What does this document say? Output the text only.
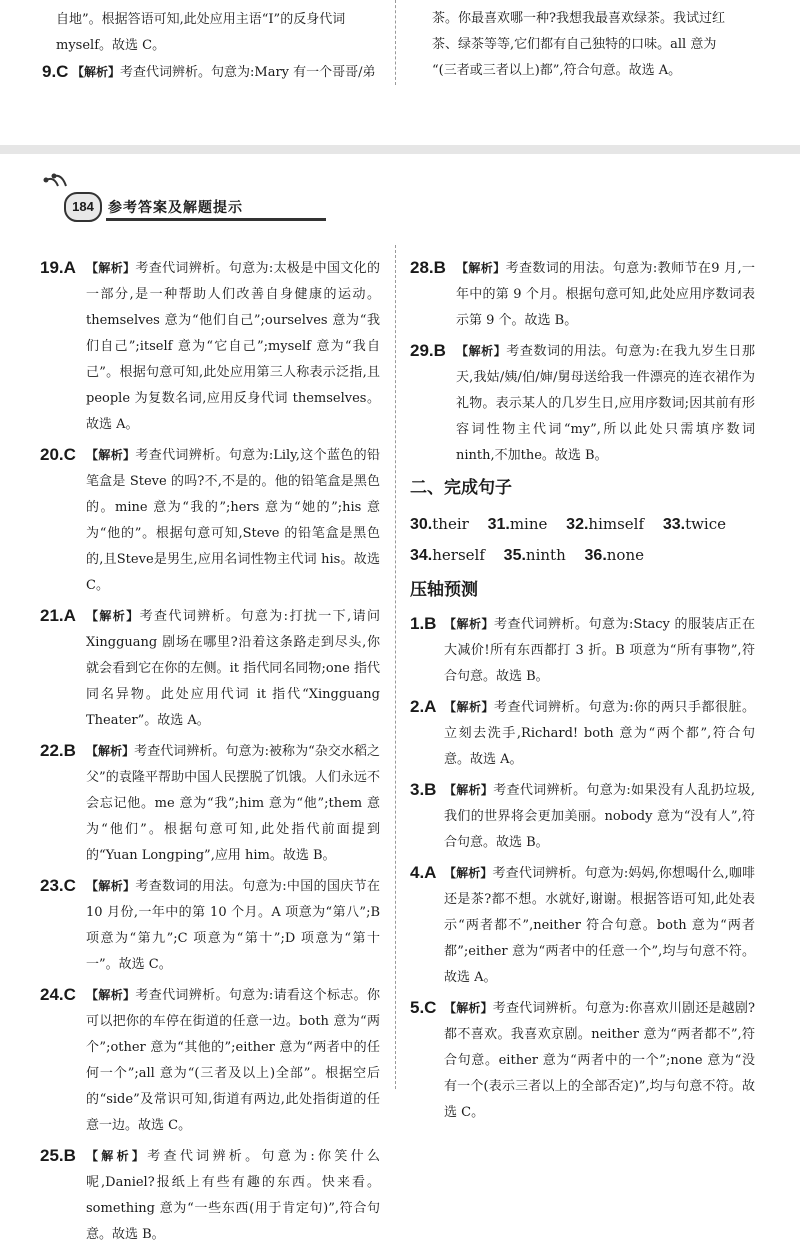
自地”。根据答语可知,此处应用主语“I”的反身代词
myself。故选 C。
9.C 【解析】考查代词辨析。句意为:Mary 有一个哥哥/弟
茶。你最喜欢哪一种?我想我最喜欢绿茶。我试过红
茶、绿茶等等,它们都有自己独特的口味。all 意为
“(三者或三者以上)都”,符合句意。故选 A。
184	参考答案及解题提示
19.A 【解析】考查代词辨析。句意为:太极是中国文化的一部分,是一种帮助人们改善自身健康的运动。themselves 意为“他们自己”;ourselves 意为“我们自己”;itself 意为“它自己”;myself 意为“我自己”。根据句意可知,此处应用第三人称表示泛指,且 people 为复数名词,应用反身代词 themselves。故选 A。
20.C 【解析】考查代词辨析。句意为:Lily,这个蓝色的铅笔盒是 Steve 的吗?不,不是的。他的铅笔盒是黑色的。mine 意为“我的”;hers 意为“她的”;his 意为“他的”。根据句意可知,Steve 的铅笔盒是黑色的,且Steve是男生,应用名词性物主代词 his。故选 C。
21.A 【解析】考查代词辨析。句意为:打扰一下,请问 Xingguang 剧场在哪里?沿着这条路走到尽头,你就会看到它在你的左侧。it 指代同名同物;one 指代同名异物。此处应用代词 it 指代“Xingguang Theater”。故选 A。
22.B 【解析】考查代词辨析。句意为:被称为“杂交水稻之父”的袁隆平帮助中国人民摆脱了饥饿。人们永远不会忘记他。me 意为“我”;him 意为“他”;them 意为“他们”。根据句意可知,此处指代前面提到的“Yuan Longping”,应用 him。故选 B。
23.C 【解析】考查数词的用法。句意为:中国的国庆节在 10 月份,一年中的第 10 个月。A 项意为“第八”;B 项意为“第九”;C 项意为“第十”;D 项意为“第十一”。故选 C。
24.C 【解析】考查代词辨析。句意为:请看这个标志。你可以把你的车停在街道的任意一边。both 意为“两个”;other 意为“其他的”;either 意为“两者中的任何一个”;all 意为“(三者及以上)全部”。根据空后的“side”及常识可知,街道有两边,此处指街道的任意一边。故选 C。
25.B 【解析】考查代词辨析。句意为:你笑什么呢,Daniel?报纸上有些有趣的东西。快来看。something 意为“一些东西(用于肯定句)”,符合句意。故选 B。
28.B 【解析】考查数词的用法。句意为:教师节在9 月,一年中的第 9 个月。根据句意可知,此处应用序数词表示第 9 个。故选 B。
29.B 【解析】考查数词的用法。句意为:在我九岁生日那天,我姑/姨/伯/婶/舅母送给我一件漂亮的连衣裙作为礼物。表示某人的几岁生日,应用序数词;因其前有形容词性物主代词“my”,所以此处只需填序数词 ninth,不加the。故选 B。
二、完成句子
30.their 31.mine 32.himself 33.twice
34.herself 35.ninth 36.none
压轴预测
1.B 【解析】考查代词辨析。句意为:Stacy 的服装店正在大减价!所有东西都打 3 折。B 项意为“所有事物”,符合句意。故选 B。
2.A 【解析】考查代词辨析。句意为:你的两只手都很脏。立刻去洗手,Richard! both 意为“两个都”,符合句意。故选 A。
3.B 【解析】考查代词辨析。句意为:如果没有人乱扔垃圾,我们的世界将会更加美丽。nobody 意为“没有人”,符合句意。故选 B。
4.A 【解析】考查代词辨析。句意为:妈妈,你想喝什么,咖啡还是茶?都不想。水就好,谢谢。根据答语可知,此处表示“两者都不”,neither 符合句意。both 意为“两者都”;either 意为“两者中的任意一个”,均与句意不符。故选 A。
5.C 【解析】考查代词辨析。句意为:你喜欢川剧还是越剧?都不喜欢。我喜欢京剧。neither 意为“两者都不”,符合句意。either 意为“两者中的一个”;none 意为“没有一个(表示三者以上的全部否定)”,均与句意不符。故选 C。
